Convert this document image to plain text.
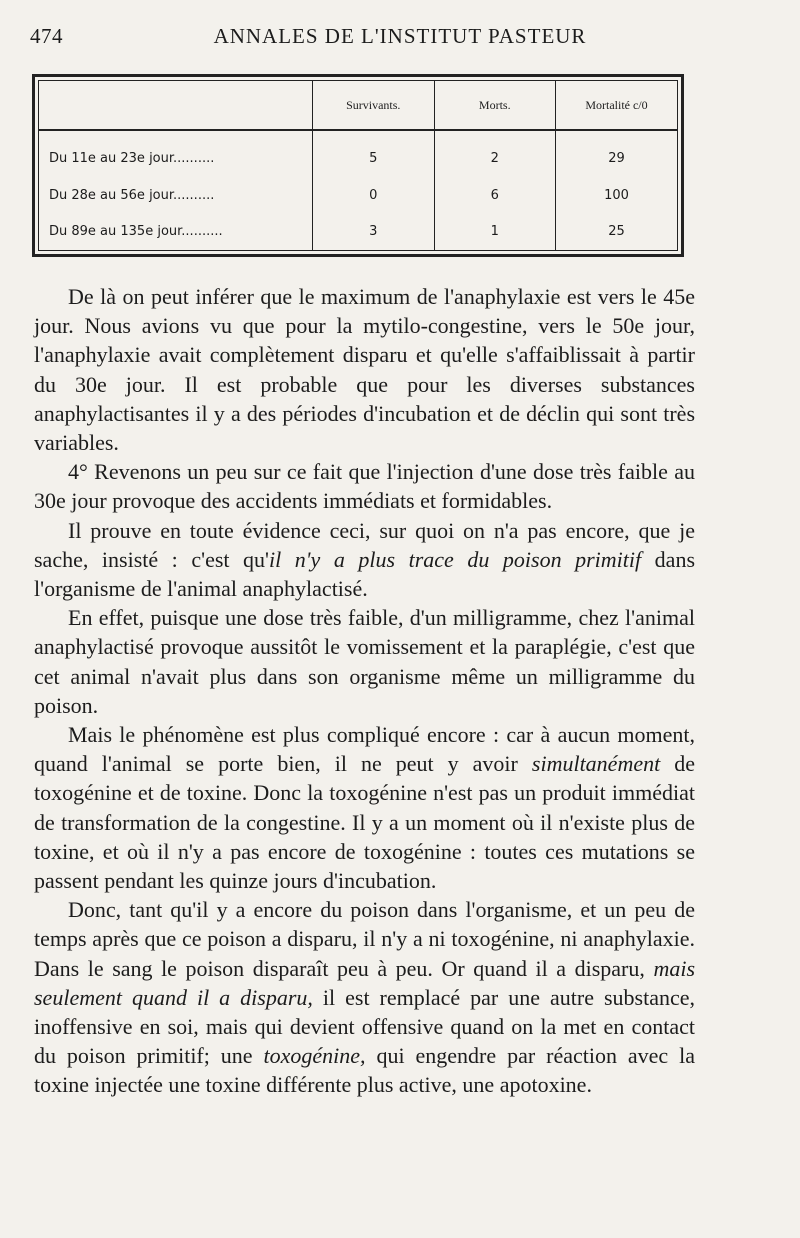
474	ANNALES DE L'INSTITUT PASTEUR
	Survivants.	Morts.	Mortalité c/0
Du 11e au 23e jour..........	5	2	29
Du 28e au 56e jour..........	0	6	100
Du 89e au 135e jour..........	3	1	25

De là on peut inférer que le maximum de l'anaphylaxie est vers le 45e jour. Nous avions vu que pour la mytilo-congestine, vers le 50e jour, l'anaphylaxie avait complètement disparu et qu'elle s'affaiblissait à partir du 30e jour. Il est probable que pour les diverses substances anaphylactisantes il y a des périodes d'incubation et de déclin qui sont très variables.

4° Revenons un peu sur ce fait que l'injection d'une dose très faible au 30e jour provoque des accidents immédiats et formidables.

Il prouve en toute évidence ceci, sur quoi on n'a pas encore, que je sache, insisté : c'est qu'il n'y a plus trace du poison primitif dans l'organisme de l'animal anaphylactisé.

En effet, puisque une dose très faible, d'un milligramme, chez l'animal anaphylactisé provoque aussitôt le vomissement et la paraplégie, c'est que cet animal n'avait plus dans son organisme même un milligramme du poison.

Mais le phénomène est plus compliqué encore : car à aucun moment, quand l'animal se porte bien, il ne peut y avoir simultanément de toxogénine et de toxine. Donc la toxogénine n'est pas un produit immédiat de transformation de la congestine. Il y a un moment où il n'existe plus de toxine, et où il n'y a pas encore de toxogénine : toutes ces mutations se passent pendant les quinze jours d'incubation.

Donc, tant qu'il y a encore du poison dans l'organisme, et un peu de temps après que ce poison a disparu, il n'y a ni toxogénine, ni anaphylaxie. Dans le sang le poison disparaît peu à peu. Or quand il a disparu, mais seulement quand il a disparu, il est remplacé par une autre substance, inoffensive en soi, mais qui devient offensive quand on la met en contact du poison primitif; une toxogénine, qui engendre par réaction avec la toxine injectée une toxine différente plus active, une apotoxine.
